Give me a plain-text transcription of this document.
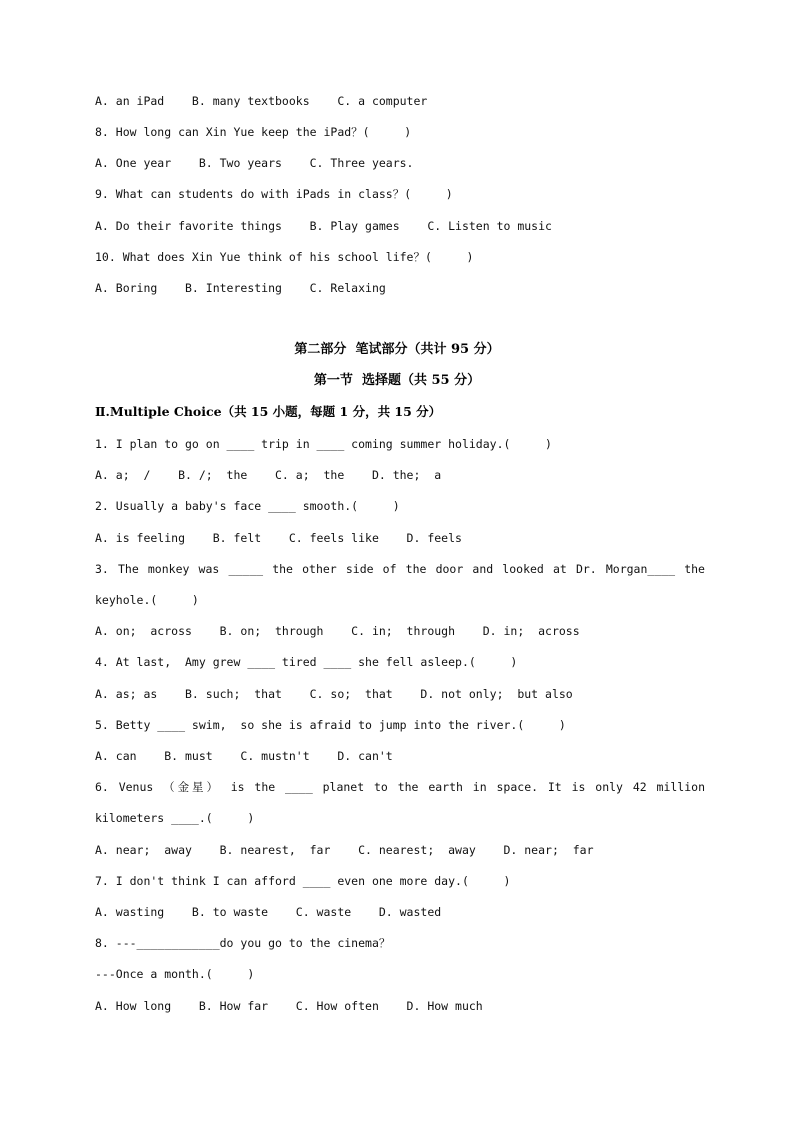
A. an iPad    B. many textbooks    C. a computer
8. How long can Xin Yue keep the iPad？(     )
A. One year    B. Two years    C. Three years.
9. What can students do with iPads in class？(     )
A. Do their favorite things    B. Play games    C. Listen to music
10. What does Xin Yue think of his school life？(     )
A. Boring    B. Interesting    C. Relaxing
第二部分  笔试部分（共计 95 分）
第一节  选择题（共 55 分）
Ⅱ.Multiple Choice（共 15 小题，每题 1 分，共 15 分）
1. I plan to go on ____ trip in ____ coming summer holiday.(     )
A. a;  /    B. /;  the    C. a;  the    D. the;  a
2. Usually a baby's face ____ smooth.(     )
A. is feeling    B. felt    C. feels like    D. feels
3. The monkey was _____ the other side of the door and looked at Dr. Morgan____ the
keyhole.(     )
A. on;  across    B. on;  through    C. in;  through    D. in;  across
4. At last,  Amy grew ____ tired ____ she fell asleep.(     )
A. as; as    B. such;  that    C. so;  that    D. not only;  but also
5. Betty ____ swim,  so she is afraid to jump into the river.(     )
A. can    B. must    C. mustn't    D. can't
6. Venus （金星） is the ____ planet to the earth in space. It is only 42 million
kilometers ____.(     )
A. near;  away    B. nearest,  far    C. nearest;  away    D. near;  far
7. I don't think I can afford ____ even one more day.(     )
A. wasting    B. to waste    C. waste    D. wasted
8. ---____________do you go to the cinema？
---Once a month.(     )
A. How long    B. How far    C. How often    D. How much
